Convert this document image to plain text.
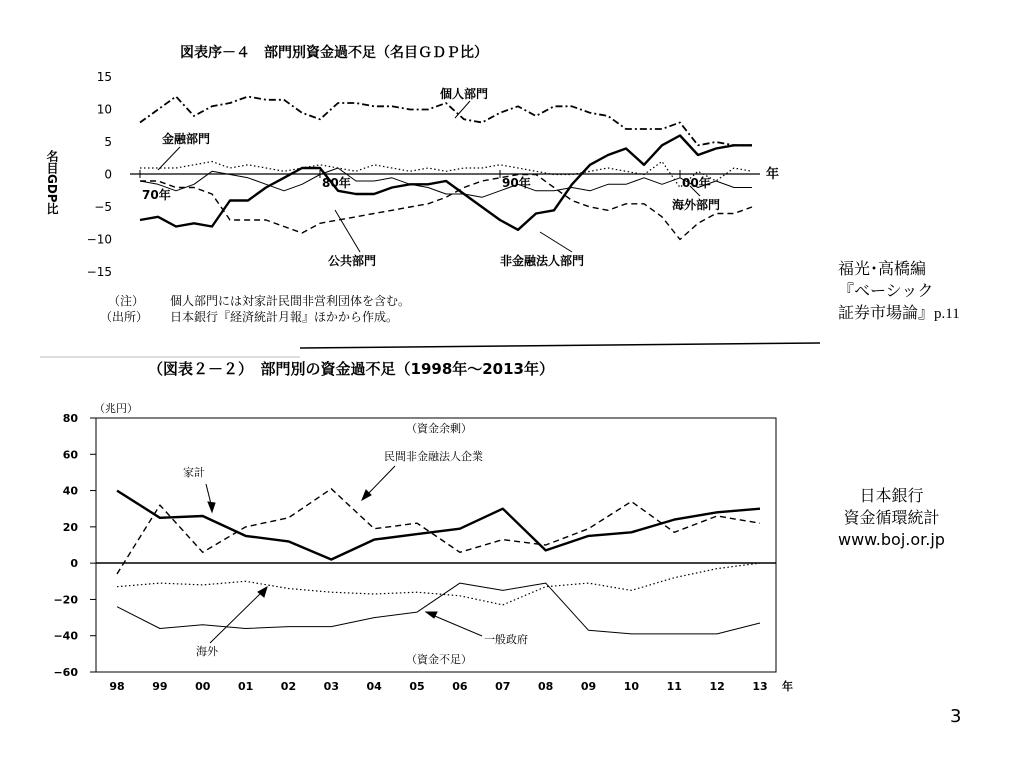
図表序－４　部門別資金過不足（名目ＧＤＰ比）
名目GDP比	年
15
10
5
0
−5
−10
−15
70年
80年	90年	00年
個人部門
金融部門
公共部門	非金融法人部門
海外部門
（注） 個人部門には対家計民間非営利団体を含む。
（出所） 日本銀行『経済統計月報』ほかから作成。
（図表２－２）　部門別の資金過不足（1998年～2013年）
（兆円）
80
60
40
20
0
−20
−40
−60
98	99	00	01	02	03	04	05	06	07	08	09	10	11	12	13 年
（資金余剰）
（資金不足）
家計
民間非金融法人企業
海外
一般政府
福光･高橋編
『ベーシック
証券市場論』p.11
日本銀行
資金循環統計
www.boj.or.jp
3
